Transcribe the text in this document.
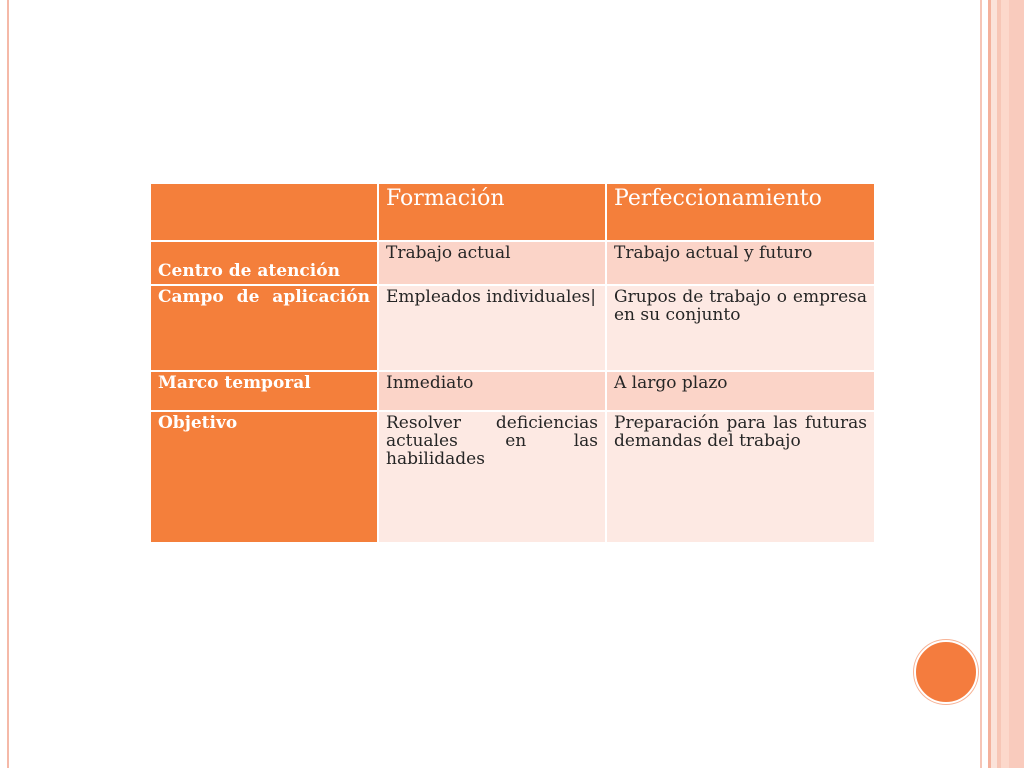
	Formación	Perfeccionamiento
Centro de atención	Trabajo actual	Trabajo actual y futuro
Campo de aplicación	Empleados individuales|	Grupos de trabajo o empresa en su conjunto
Marco temporal	Inmediato	A largo plazo
Objetivo	Resolver deficiencias actuales en las habilidades	Preparación para las futuras demandas del trabajo
